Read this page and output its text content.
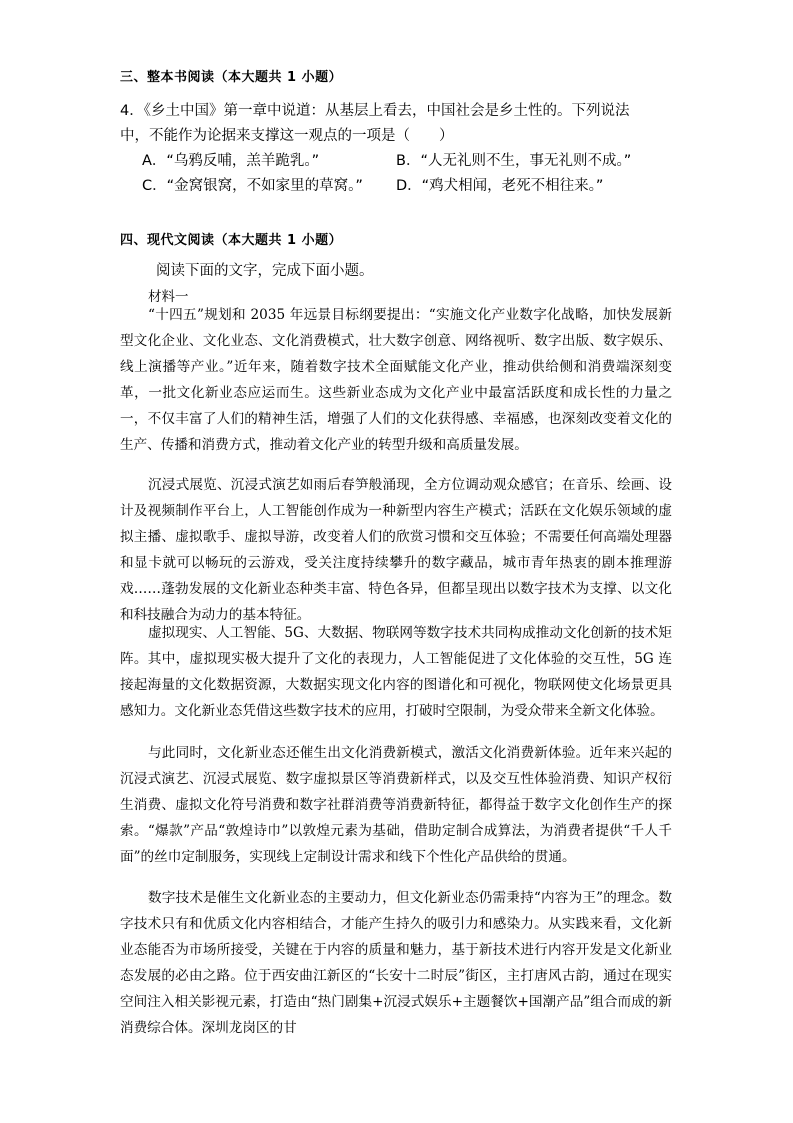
三、整本书阅读（本大题共 1 小题）
4．《乡土中国》第一章中说道：从基层上看去，中国社会是乡土性的。下列说法
中，不能作为论据来支撑这一观点的一项是（　　）
A．“乌鸦反哺，羔羊跪乳。”	B．“人无礼则不生，事无礼则不成。”
C．“金窝银窝，不如家里的草窝。” D．“鸡犬相闻，老死不相往来。”
四、现代文阅读（本大题共 1 小题）
阅读下面的文字，完成下面小题。
材料一

“十四五”规划和 2035 年远景目标纲要提出：“实施文化产业数字化战略，加快发展新型文化企业、文化业态、文化消费模式，壮大数字创意、网络视听、数字出版、数字娱乐、线上演播等产业。”近年来，随着数字技术全面赋能文化产业，推动供给侧和消费端深刻变革，一批文化新业态应运而生。这些新业态成为文化产业中最富活跃度和成长性的力量之一，不仅丰富了人们的精神生活，增强了人们的文化获得感、幸福感，也深刻改变着文化的生产、传播和消费方式，推动着文化产业的转型升级和高质量发展。

沉浸式展览、沉浸式演艺如雨后春笋般涌现，全方位调动观众感官；在音乐、绘画、设计及视频制作平台上，人工智能创作成为一种新型内容生产模式；活跃在文化娱乐领域的虚拟主播、虚拟歌手、虚拟导游，改变着人们的欣赏习惯和交互体验；不需要任何高端处理器和显卡就可以畅玩的云游戏，受关注度持续攀升的数字藏品，城市青年热衷的剧本推理游戏……蓬勃发展的文化新业态种类丰富、特色各异，但都呈现出以数字技术为支撑、以文化和科技融合为动力的基本特征。

虚拟现实、人工智能、5G、大数据、物联网等数字技术共同构成推动文化创新的技术矩阵。其中，虚拟现实极大提升了文化的表现力，人工智能促进了文化体验的交互性，5G 连接起海量的文化数据资源，大数据实现文化内容的图谱化和可视化，物联网使文化场景更具感知力。文化新业态凭借这些数字技术的应用，打破时空限制，为受众带来全新文化体验。

与此同时，文化新业态还催生出文化消费新模式，激活文化消费新体验。近年来兴起的沉浸式演艺、沉浸式展览、数字虚拟景区等消费新样式，以及交互性体验消费、知识产权衍生消费、虚拟文化符号消费和数字社群消费等消费新特征，都得益于数字文化创作生产的探索。“爆款”产品“敦煌诗巾”以敦煌元素为基础，借助定制合成算法，为消费者提供“千人千面”的丝巾定制服务，实现线上定制设计需求和线下个性化产品供给的贯通。

数字技术是催生文化新业态的主要动力，但文化新业态仍需秉持“内容为王”的理念。数字技术只有和优质文化内容相结合，才能产生持久的吸引力和感染力。从实践来看，文化新业态能否为市场所接受，关键在于内容的质量和魅力，基于新技术进行内容开发是文化新业态发展的必由之路。位于西安曲江新区的“长安十二时辰”街区，主打唐风古韵，通过在现实空间注入相关影视元素，打造由“热门剧集+沉浸式娱乐+主题餐饮+国潮产品”组合而成的新消费综合体。深圳龙岗区的甘
